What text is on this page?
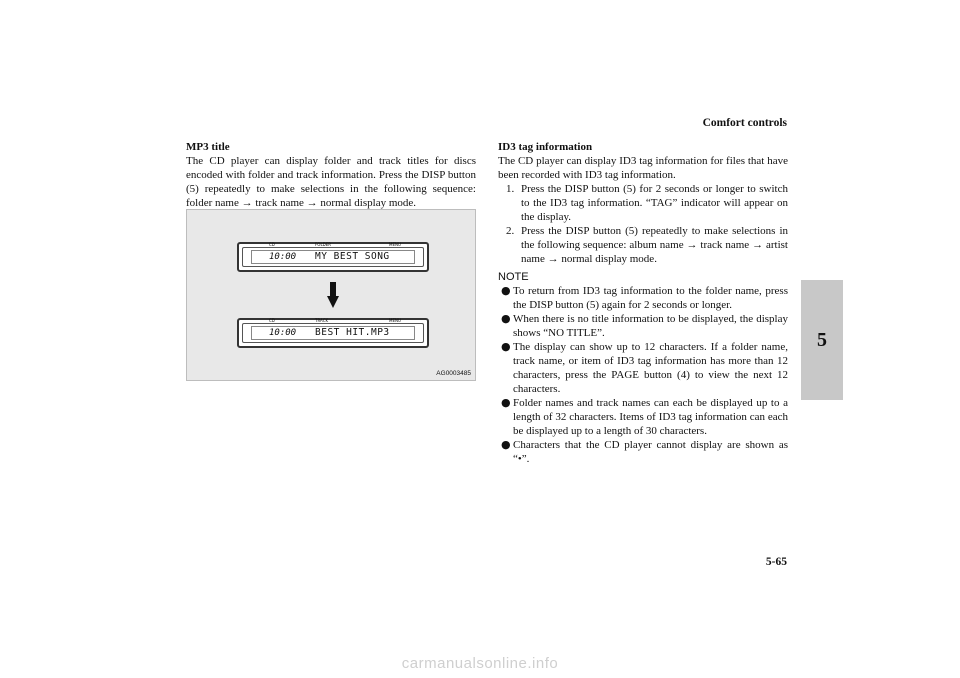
Comfort controls
5

MP3 title

The CD player can display folder and track titles for discs encoded with folder and track information. Press the DISP button (5) repeatedly to make selections in the following sequence: folder name → track name → normal display mode.

CD	FOLDER	MENU
10:00 MY BEST SONG
CD	TRACK	MENU
10:00 BEST HIT.MP3
AG0003485

ID3 tag information

The CD player can display ID3 tag information for files that have been recorded with ID3 tag information.

1. Press the DISP button (5) for 2 seconds or longer to switch to the ID3 tag information. “TAG” indicator will appear on the display.
2. Press the DISP button (5) repeatedly to make selections in the following sequence: album name → track name → artist name → normal display mode.

NOTE

● To return from ID3 tag information to the folder name, press the DISP button (5) again for 2 seconds or longer.
● When there is no title information to be displayed, the display shows “NO TITLE”.
● The display can show up to 12 characters. If a folder name, track name, or item of ID3 tag information has more than 12 characters, press the PAGE button (4) to view the next 12 characters.
● Folder names and track names can each be displayed up to a length of 32 characters. Items of ID3 tag information can each be displayed up to a length of 30 characters.
● Characters that the CD player cannot display are shown as “•”.
5-65
carmanualsonline.info
